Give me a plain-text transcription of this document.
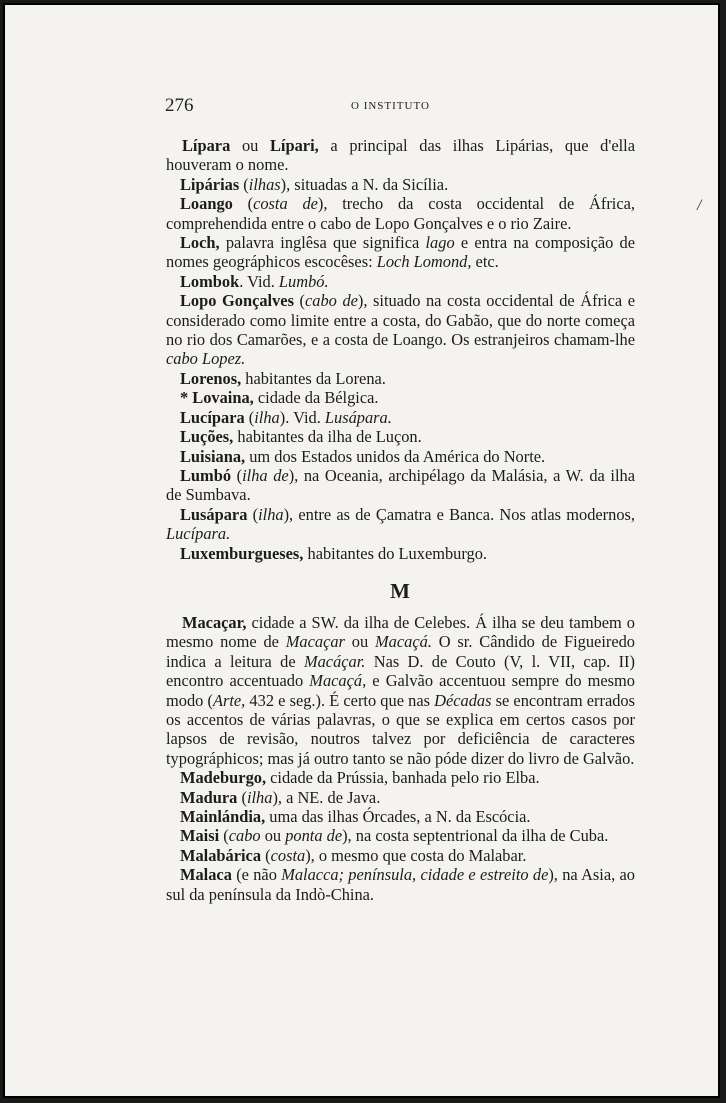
276	O INSTITUTO
/

Lípara ou Lípari, a principal das ilhas Lipárias, que d'ella houveram o nome.

Lipárias (ilhas), situadas a N. da Sicília.

Loango (costa de), trecho da costa occidental de África, comprehendida entre o cabo de Lopo Gonçalves e o rio Zaire.

Loch, palavra inglêsa que significa lago e entra na composição de nomes geográphicos escocêses: Loch Lomond, etc.

Lombok. Vid. Lumbó.

Lopo Gonçalves (cabo de), situado na costa occidental de África e considerado como limite entre a costa, do Gabão, que do norte começa no rio dos Camarões, e a costa de Loango. Os estranjeiros chamam-lhe cabo Lopez.

Lorenos, habitantes da Lorena.

* Lovaina, cidade da Bélgica.

Lucípara (ilha). Vid. Lusápara.

Luções, habitantes da ilha de Luçon.

Luisiana, um dos Estados unidos da América do Norte.

Lumbó (ilha de), na Oceania, archipélago da Malásia, a W. da ilha de Sumbava.

Lusápara (ilha), entre as de Çamatra e Banca. Nos atlas modernos, Lucípara.

Luxemburgueses, habitantes do Luxemburgo.

M

Macaçar, cidade a SW. da ilha de Celebes. Á ilha se deu tambem o mesmo nome de Macaçar ou Macaçá. O sr. Cândido de Figueiredo indica a leitura de Macáçar. Nas D. de Couto (V, l. VII, cap. II) encontro accentuado Macaçá, e Galvão accentuou sempre do mesmo modo (Arte, 432 e seg.). É certo que nas Décadas se encontram errados os accentos de várias palavras, o que se explica em certos casos por lapsos de revisão, noutros talvez por deficiência de caracteres typográphicos; mas já outro tanto se não póde dizer do livro de Galvão.

Madeburgo, cidade da Prússia, banhada pelo rio Elba.

Madura (ilha), a NE. de Java.

Mainlándia, uma das ilhas Órcades, a N. da Escócia.

Maisi (cabo ou ponta de), na costa septentrional da ilha de Cuba.

Malabárica (costa), o mesmo que costa do Malabar.

Malaca (e não Malacca; península, cidade e estreito de), na Asia, ao sul da península da Indò-China.
